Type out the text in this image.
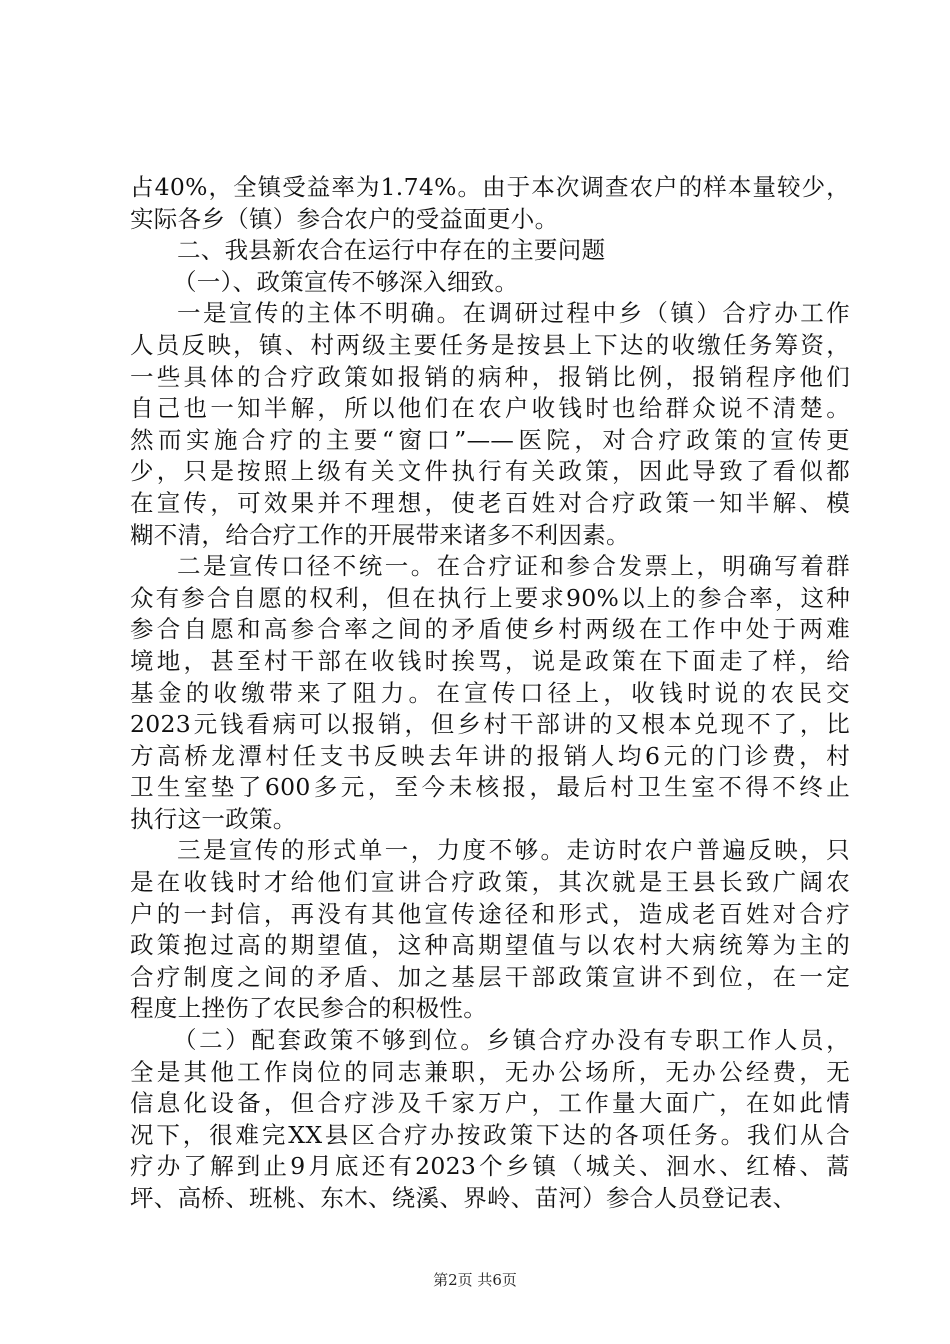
占40%，全镇受益率为1.74%。由于本次调查农户的样本量较少，
实际各乡（镇）参合农户的受益面更小。
二、我县新农合在运行中存在的主要问题
（一）、政策宣传不够深入细致。
一是宣传的主体不明确。在调研过程中乡（镇）合疗办工作
人员反映，镇、村两级主要任务是按县上下达的收缴任务筹资，
一些具体的合疗政策如报销的病种，报销比例，报销程序他们
自己也一知半解，所以他们在农户收钱时也给群众说不清楚。
然而实施合疗的主要“窗口”——医院，对合疗政策的宣传更
少，只是按照上级有关文件执行有关政策，因此导致了看似都
在宣传，可效果并不理想，使老百姓对合疗政策一知半解、模
糊不清，给合疗工作的开展带来诸多不利因素。
二是宣传口径不统一。在合疗证和参合发票上，明确写着群
众有参合自愿的权利，但在执行上要求90%以上的参合率，这种
参合自愿和高参合率之间的矛盾使乡村两级在工作中处于两难
境地，甚至村干部在收钱时挨骂，说是政策在下面走了样，给
基金的收缴带来了阻力。在宣传口径上，收钱时说的农民交
2023元钱看病可以报销，但乡村干部讲的又根本兑现不了，比
方高桥龙潭村任支书反映去年讲的报销人均6元的门诊费，村
卫生室垫了600多元，至今未核报，最后村卫生室不得不终止
执行这一政策。
三是宣传的形式单一，力度不够。走访时农户普遍反映，只
是在收钱时才给他们宣讲合疗政策，其次就是王县长致广阔农
户的一封信，再没有其他宣传途径和形式，造成老百姓对合疗
政策抱过高的期望值，这种高期望值与以农村大病统筹为主的
合疗制度之间的矛盾、加之基层干部政策宣讲不到位，在一定
程度上挫伤了农民参合的积极性。
（二）配套政策不够到位。乡镇合疗办没有专职工作人员，
全是其他工作岗位的同志兼职，无办公场所，无办公经费，无
信息化设备，但合疗涉及千家万户，工作量大面广，在如此情
况下，很难完XX县区合疗办按政策下达的各项任务。我们从合
疗办了解到止9月底还有2023个乡镇（城关、洄水、红椿、蒿
坪、高桥、班桃、东木、绕溪、界岭、苗河）参合人员登记表、
第2页 共6页
